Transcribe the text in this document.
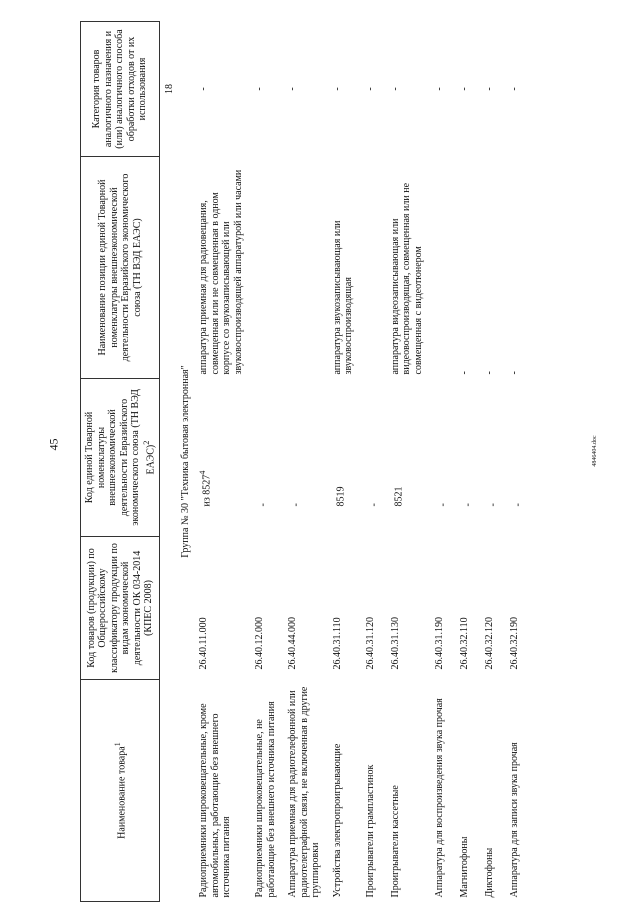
45	4846404.doc
Наименование товара$^1$	Код товаров (продукции) по Общероссийскому классификатору продукции по видам экономической деятельности ОК 034-2014 (КПЕС 2008)	Код единой Товарной номенклатуры внешнеэкономической деятельности Евразийского экономического союза (ТН ВЭД ЕАЭС)$^2$	Наименование позиции единой Товарной номенклатуры внешнеэкономической деятельности Евразийского экономического союза (ТН ВЭД ЕАЭС)	Категория товаров аналогичного назначения и (или) аналогичного способа обработки отходов от их использования
				18
Группа № 30 "Техника бытовая электронная"				
Радиоприемники широковещательные, кроме автомобильных, работающие без внешнего источника питания	26.40.11.000	из 8527$^4$	аппаратура приемная для радиовещания, совмещенная или не совмещенная в одном корпусе со звукозаписывающей или звуковоспроизводящей аппаратурой или часами	-
Радиоприемники широковещательные, не работающие без внешнего источника питания	26.40.12.000	-		-
Аппаратура приемная для радиотелефонной или радиотелеграфной связи, не включенная в другие группировки	26.40.44.000	-		-
Устройства электропроигрывающие	26.40.31.110	8519	аппаратура звукозаписывающая или звуковоспроизводящая	-
Проигрыватели грампластинок	26.40.31.120	-		-
Проигрыватели кассетные	26.40.31.130	8521	аппаратура видеозаписывающая или видеовоспроизводящая, совмещенная или не совмещенная с видеотюнером	-
Аппаратура для воспроизведения звука прочая	26.40.31.190	-		-
Магнитофоны	26.40.32.110	-	-	-
Диктофоны	26.40.32.120	-	-	-
Аппаратура для записи звука прочая	26.40.32.190	-	-	-
